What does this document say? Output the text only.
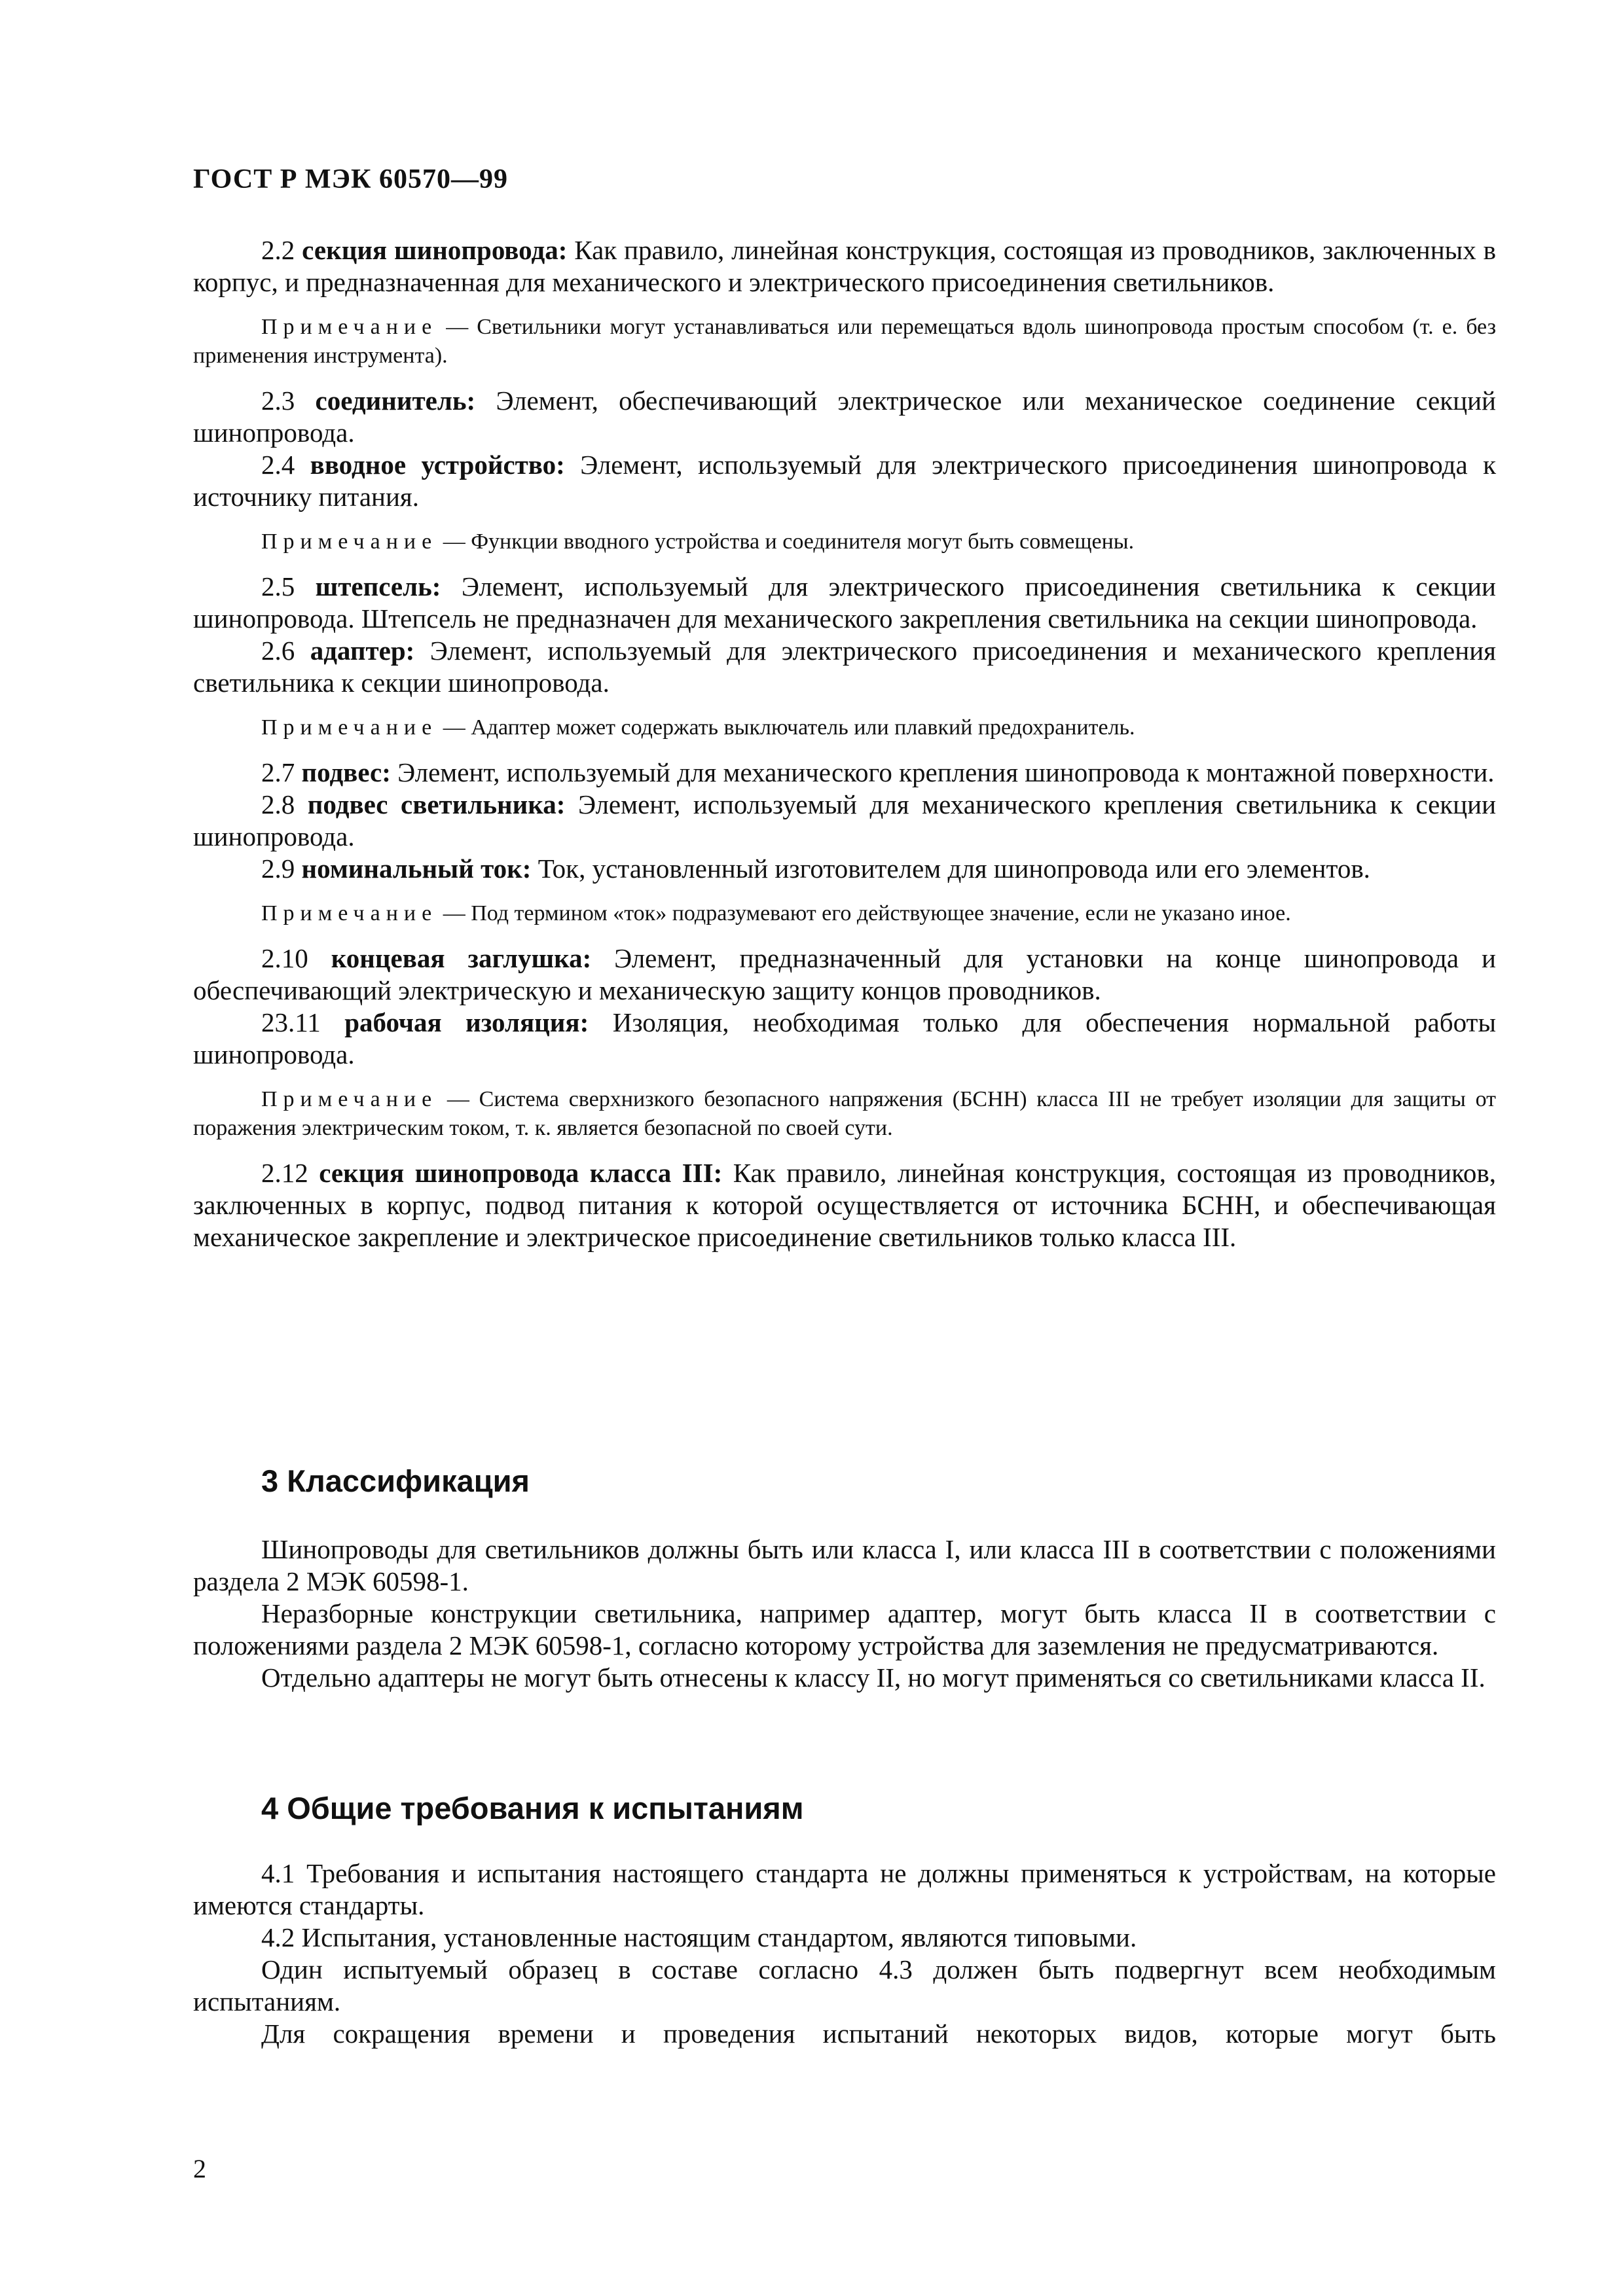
ГОСТ Р МЭК 60570—99

2.2 секция шинопровода: Как правило, линейная конструкция, состоящая из проводников, заключенных в корпус, и предназначенная для механического и электрического присоединения светильников.

Примечание — Светильники могут устанавливаться или перемещаться вдоль шинопровода простым способом (т. е. без применения инструмента).

2.3 соединитель: Элемент, обеспечивающий электрическое или механическое соединение секций шинопровода.

2.4 вводное устройство: Элемент, используемый для электрического присоединения шинопровода к источнику питания.

Примечание — Функции вводного устройства и соединителя могут быть совмещены.

2.5 штепсель: Элемент, используемый для электрического присоединения светильника к секции шинопровода. Штепсель не предназначен для механического закрепления светильника на секции шинопровода.

2.6 адаптер: Элемент, используемый для электрического присоединения и механического крепления светильника к секции шинопровода.

Примечание — Адаптер может содержать выключатель или плавкий предохранитель.

2.7 подвес: Элемент, используемый для механического крепления шинопровода к монтажной поверхности.

2.8 подвес светильника: Элемент, используемый для механического крепления светильника к секции шинопровода.

2.9 номинальный ток: Ток, установленный изготовителем для шинопровода или его элементов.

Примечание — Под термином «ток» подразумевают его действующее значение, если не указано иное.

2.10 концевая заглушка: Элемент, предназначенный для установки на конце шинопровода и обеспечивающий электрическую и механическую защиту концов проводников.

23.11 рабочая изоляция: Изоляция, необходимая только для обеспечения нормальной работы шинопровода.

Примечание — Система сверхнизкого безопасного напряжения (БСНН) класса III не требует изоляции для защиты от поражения электрическим током, т. к. является безопасной по своей сути.

2.12 секция шинопровода класса III: Как правило, линейная конструкция, состоящая из проводников, заключенных в корпус, подвод питания к которой осуществляется от источника БСНН, и обеспечивающая механическое закрепление и электрическое присоединение светильников только класса III.

3 Классификация

Шинопроводы для светильников должны быть или класса I, или класса III в соответствии с положениями раздела 2 МЭК 60598-1.

Неразборные конструкции светильника, например адаптер, могут быть класса II в соответствии с положениями раздела 2 МЭК 60598-1, согласно которому устройства для заземления не предусматриваются.

Отдельно адаптеры не могут быть отнесены к классу II, но могут применяться со светильниками класса II.

4 Общие требования к испытаниям

4.1 Требования и испытания настоящего стандарта не должны применяться к устройствам, на которые имеются стандарты.

4.2 Испытания, установленные настоящим стандартом, являются типовыми.

Один испытуемый образец в составе согласно 4.3 должен быть подвергнут всем необходимым испытаниям.

Для сокращения времени и проведения испытаний некоторых видов, которые могут быть

2
